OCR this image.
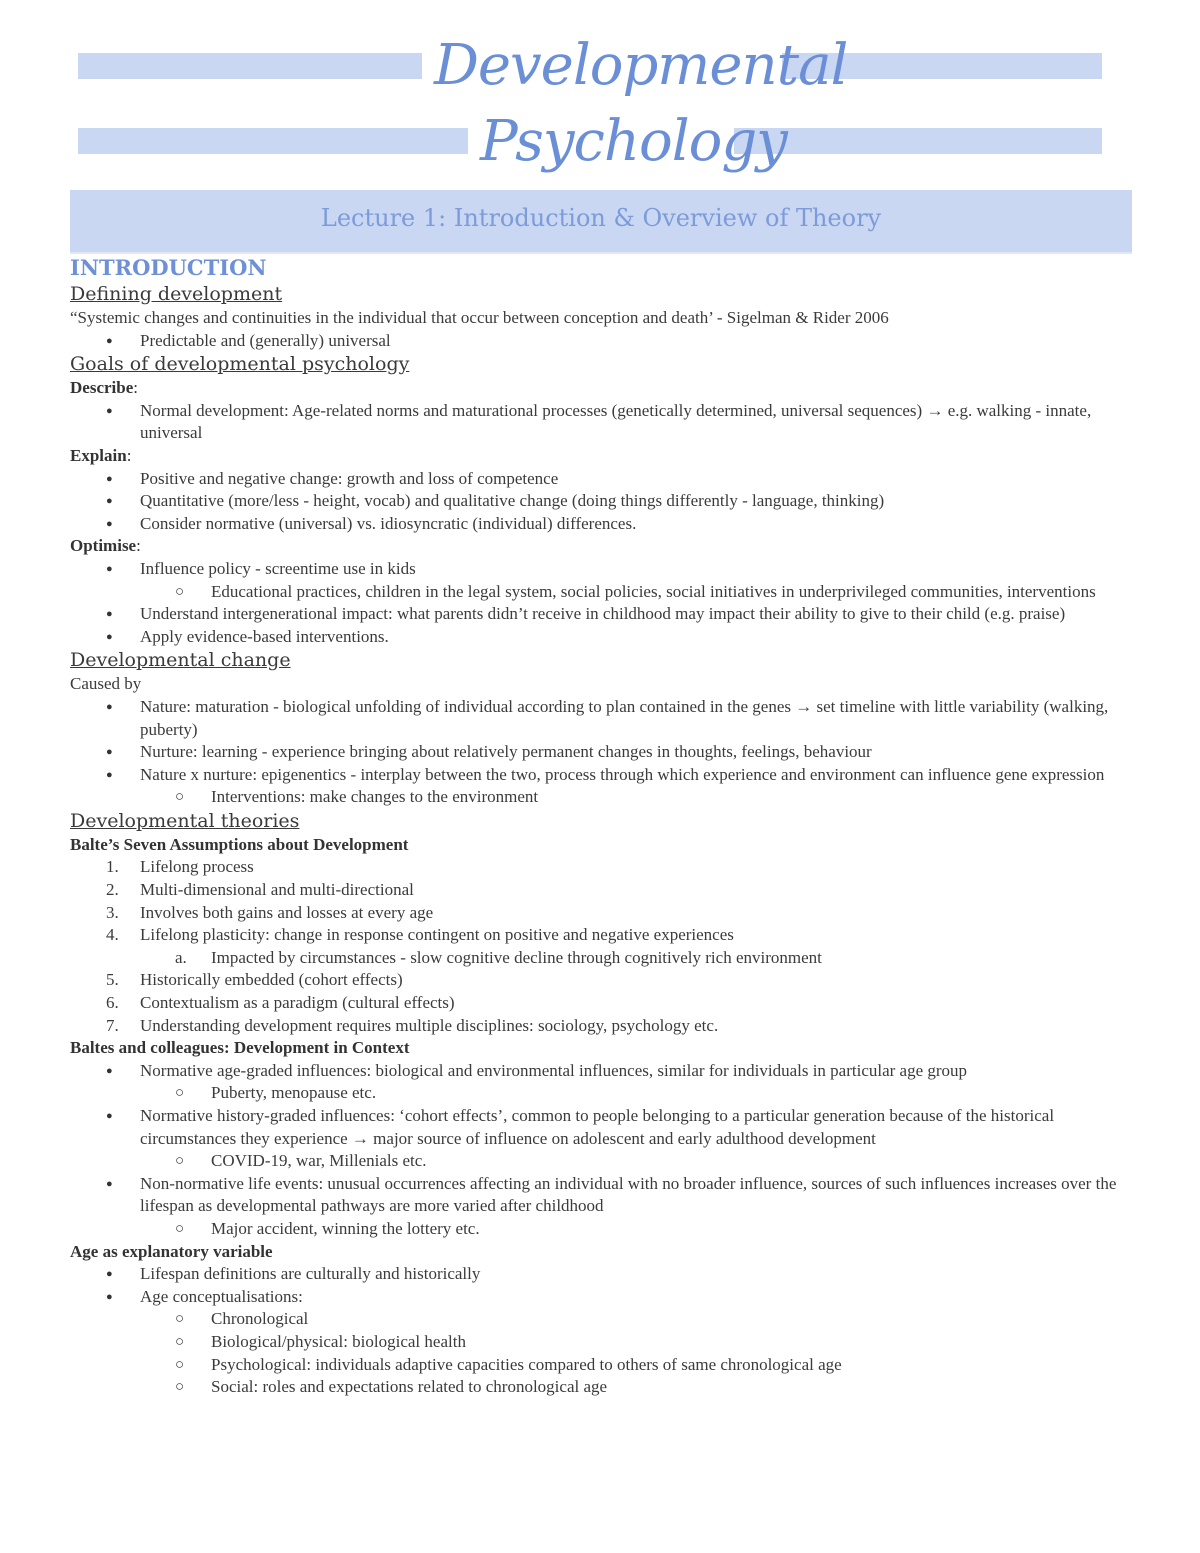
Developmental
Psychology
Lecture 1: Introduction & Overview of Theory
INTRODUCTION
Defining development
“Systemic changes and continuities in the individual that occur between conception and death’ - Sigelman & Rider 2006
● Predictable and (generally) universal
Goals of developmental psychology
Describe:
● Normal development: Age-related norms and maturational processes (genetically determined, universal sequences) → e.g. walking - innate, universal
Explain:
● Positive and negative change: growth and loss of competence
● Quantitative (more/less - height, vocab) and qualitative change (doing things differently - language, thinking)
● Consider normative (universal) vs. idiosyncratic (individual) differences.
Optimise:
● Influence policy - screentime use in kids
○ Educational practices, children in the legal system, social policies, social initiatives in underprivileged communities, interventions
● Understand intergenerational impact: what parents didn’t receive in childhood may impact their ability to give to their child (e.g. praise)
● Apply evidence-based interventions.
Developmental change
Caused by
● Nature: maturation - biological unfolding of individual according to plan contained in the genes → set timeline with little variability (walking, puberty)
● Nurture: learning - experience bringing about relatively permanent changes in thoughts, feelings, behaviour
● Nature x nurture: epigenentics - interplay between the two, process through which experience and environment can influence gene expression
○ Interventions: make changes to the environment
Developmental theories
Balte’s Seven Assumptions about Development
1. Lifelong process
2. Multi-dimensional and multi-directional
3. Involves both gains and losses at every age
4. Lifelong plasticity: change in response contingent on positive and negative experiences
a. Impacted by circumstances - slow cognitive decline through cognitively rich environment
5. Historically embedded (cohort effects)
6. Contextualism as a paradigm (cultural effects)
7. Understanding development requires multiple disciplines: sociology, psychology etc.
Baltes and colleagues: Development in Context
● Normative age-graded influences: biological and environmental influences, similar for individuals in particular age group
○ Puberty, menopause etc.
● Normative history-graded influences: ‘cohort effects’, common to people belonging to a particular generation because of the historical circumstances they experience → major source of influence on adolescent and early adulthood development
○ COVID-19, war, Millenials etc.
● Non-normative life events: unusual occurrences affecting an individual with no broader influence, sources of such influences increases over the lifespan as developmental pathways are more varied after childhood
○ Major accident, winning the lottery etc.
Age as explanatory variable
● Lifespan definitions are culturally and historically
● Age conceptualisations:
○ Chronological
○ Biological/physical: biological health
○ Psychological: individuals adaptive capacities compared to others of same chronological age
○ Social: roles and expectations related to chronological age
